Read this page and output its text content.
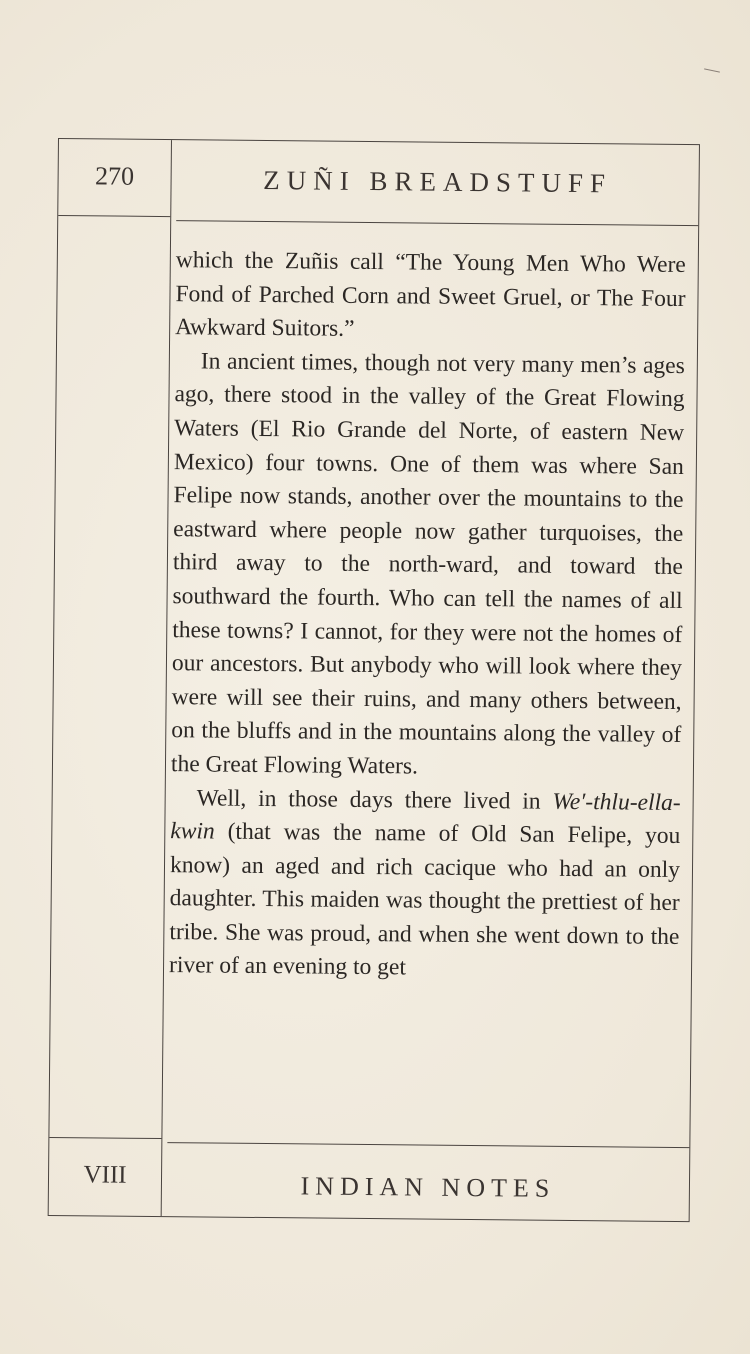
270	ZUÑI BREADSTUFF

which the Zuñis call “The Young Men Who Were Fond of Parched Corn and Sweet Gruel, or The Four Awkward Suitors.”

In ancient times, though not very many men’s ages ago, there stood in the valley of the Great Flowing Waters (El Rio Grande del Norte, of eastern New Mexico) four towns. One of them was where San Felipe now stands, another over the mountains to the eastward where people now gather turquoises, the third away to the north-ward, and toward the southward the fourth. Who can tell the names of all these towns? I cannot, for they were not the homes of our ancestors. But anybody who will look where they were will see their ruins, and many others between, on the bluffs and in the mountains along the valley of the Great Flowing Waters.

Well, in those days there lived in We′-thlu-ella-kwin (that was the name of Old San Felipe, you know) an aged and rich cacique who had an only daughter. This maiden was thought the prettiest of her tribe. She was proud, and when she went down to the river of an evening to get

VIII	INDIAN NOTES
